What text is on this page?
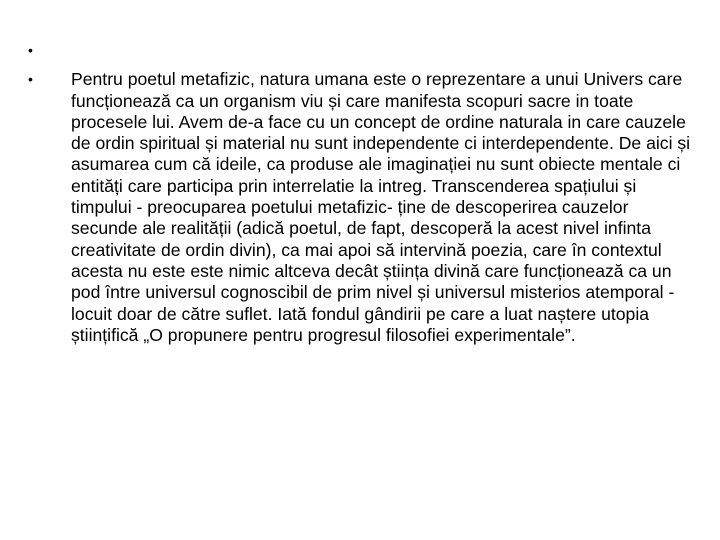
•
•	Pentru poetul metafizic, natura umana este o reprezentare a unui Univers care funcționează ca un organism viu și care manifesta scopuri sacre in toate procesele lui. Avem de-a face cu un concept de ordine naturala in care cauzele de ordin spiritual și material nu sunt independente ci interdependente. De aici și asumarea cum că ideile, ca produse ale imaginației nu sunt obiecte mentale ci entități care participa prin interrelatie la intreg. Transcenderea spațiului și timpului - preocuparea poetului metafizic- ține de descoperirea cauzelor secunde ale realității (adică poetul, de fapt, descoperă la acest nivel infinta creativitate de ordin divin), ca mai apoi să intervină poezia, care în contextul acesta nu este este nimic altceva decât știința divină care funcționează ca un pod între universul cognoscibil de prim nivel și universul misterios atemporal - locuit doar de către suflet. Iată fondul gândirii pe care a luat naștere utopia științifică „O propunere pentru progresul filosofiei experimentale”.
